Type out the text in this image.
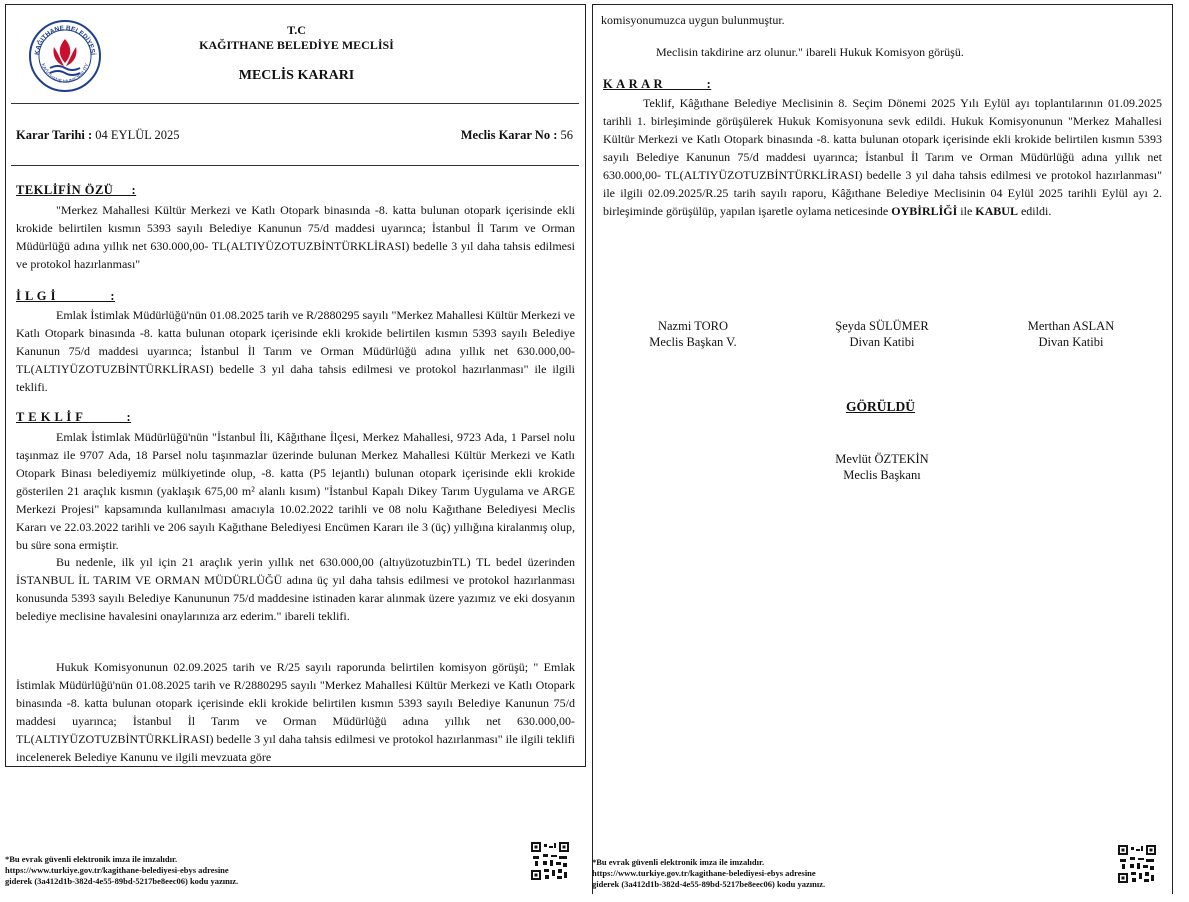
KAĞITHANE BELEDİYESİ
KAĞITHANE MUNICIPALITY
T.C
KAĞITHANE BELEDİYE MECLİSİ
MECLİS KARARI
Karar Tarihi : 04 EYLÜL 2025	Meclis Karar No : 56
TEKLİFİN ÖZÜ     :
"Merkez Mahallesi Kültür Merkezi ve Katlı Otopark binasında -8. katta bulunan otopark içerisinde ekli krokide belirtilen kısmın 5393 sayılı Belediye Kanunun 75/d maddesi uyarınca; İstanbul İl Tarım ve Orman Müdürlüğü adına yıllık net 630.000,00- TL(ALTIYÜZOTUZBİNTÜRKLİRASI) bedelle 3 yıl daha tahsis edilmesi ve protokol hazırlanması"
İ L G İ               :
Emlak İstimlak Müdürlüğü'nün 01.08.2025 tarih ve R/2880295 sayılı "Merkez Mahallesi Kültür Merkezi ve Katlı Otopark binasında -8. katta bulunan otopark içerisinde ekli krokide belirtilen kısmın 5393 sayılı Belediye Kanunun 75/d maddesi uyarınca; İstanbul İl Tarım ve Orman Müdürlüğü adına yıllık net 630.000,00- TL(ALTIYÜZOTUZBİNTÜRKLİRASI) bedelle 3 yıl daha tahsis edilmesi ve protokol hazırlanması" ile ilgili teklifi.
T E K L İ F            :
Emlak İstimlak Müdürlüğü'nün "İstanbul İli, Kâğıthane İlçesi, Merkez Mahallesi, 9723 Ada, 1 Parsel nolu taşınmaz ile 9707 Ada, 18 Parsel nolu taşınmazlar üzerinde bulunan Merkez Mahallesi Kültür Merkezi ve Katlı Otopark Binası belediyemiz mülkiyetinde olup, -8. katta (P5 lejantlı) bulunan otopark içerisinde ekli krokide gösterilen 21 araçlık kısmın (yaklaşık 675,00 m² alanlı kısım) "İstanbul Kapalı Dikey Tarım Uygulama ve ARGE Merkezi Projesi" kapsamında kullanılması amacıyla 10.02.2022 tarihli ve 08 nolu Kağıthane Belediyesi Meclis Kararı ve 22.03.2022 tarihli ve 206 sayılı Kağıthane Belediyesi Encümen Kararı ile 3 (üç) yıllığına kiralanmış olup, bu süre sona ermiştir.
Bu nedenle, ilk yıl için 21 araçlık yerin yıllık net 630.000,00 (altıyüzotuzbinTL) TL bedel üzerinden İSTANBUL İL TARIM VE ORMAN MÜDÜRLÜĞÜ adına üç yıl daha tahsis edilmesi ve protokol hazırlanması konusunda 5393 sayılı Belediye Kanununun 75/d maddesine istinaden karar alınmak üzere yazımız ve eki dosyanın belediye meclisine havalesini onaylarınıza arz ederim." ibareli teklifi.
Hukuk Komisyonunun 02.09.2025 tarih ve R/25 sayılı raporunda belirtilen komisyon görüşü; " Emlak İstimlak Müdürlüğü'nün 01.08.2025 tarih ve R/2880295 sayılı "Merkez Mahallesi Kültür Merkezi ve Katlı Otopark binasında -8. katta bulunan otopark içerisinde ekli krokide belirtilen kısmın 5393 sayılı Belediye Kanunun 75/d maddesi uyarınca; İstanbul İl Tarım ve Orman Müdürlüğü adına yıllık net 630.000,00- TL(ALTIYÜZOTUZBİNTÜRKLİRASI) bedelle 3 yıl daha tahsis edilmesi ve protokol hazırlanması" ile ilgili teklifi incelenerek Belediye Kanunu ve ilgili mevzuata göre
komisyonumuzca uygun bulunmuştur.
Meclisin takdirine arz olunur." ibareli Hukuk Komisyon görüşü.
K A R A R            :
Teklif, Kâğıthane Belediye Meclisinin 8. Seçim Dönemi 2025 Yılı Eylül ayı toplantılarının 01.09.2025 tarihli 1. birleşiminde görüşülerek Hukuk Komisyonuna sevk edildi. Hukuk Komisyonunun "Merkez Mahallesi Kültür Merkezi ve Katlı Otopark binasında -8. katta bulunan otopark içerisinde ekli krokide belirtilen kısmın 5393 sayılı Belediye Kanunun 75/d maddesi uyarınca; İstanbul İl Tarım ve Orman Müdürlüğü adına yıllık net 630.000,00- TL(ALTIYÜZOTUZBİNTÜRKLİRASI) bedelle 3 yıl daha tahsis edilmesi ve protokol hazırlanması" ile ilgili 02.09.2025/R.25 tarih sayılı raporu, Kâğıthane Belediye Meclisinin 04 Eylül 2025 tarihli Eylül ayı 2. birleşiminde görüşülüp, yapılan işaretle oylama neticesinde OYBİRLİĞİ ile KABUL edildi.
Nazmi TORO
Meclis Başkan V.
Şeyda SÜLÜMER
Divan Katibi
Merthan ASLAN
Divan Katibi
GÖRÜLDÜ
Mevlüt ÖZTEKİN
Meclis Başkanı
*Bu evrak güvenli elektronik imza ile imzalıdır.
https://www.turkiye.gov.tr/kagithane-belediyesi-ebys adresine
giderek (3a412d1b-382d-4e55-89bd-5217be8eec06) kodu yazınız.
*Bu evrak güvenli elektronik imza ile imzalıdır.
https://www.turkiye.gov.tr/kagithane-belediyesi-ebys adresine
giderek (3a412d1b-382d-4e55-89bd-5217be8eec06) kodu yazınız.
